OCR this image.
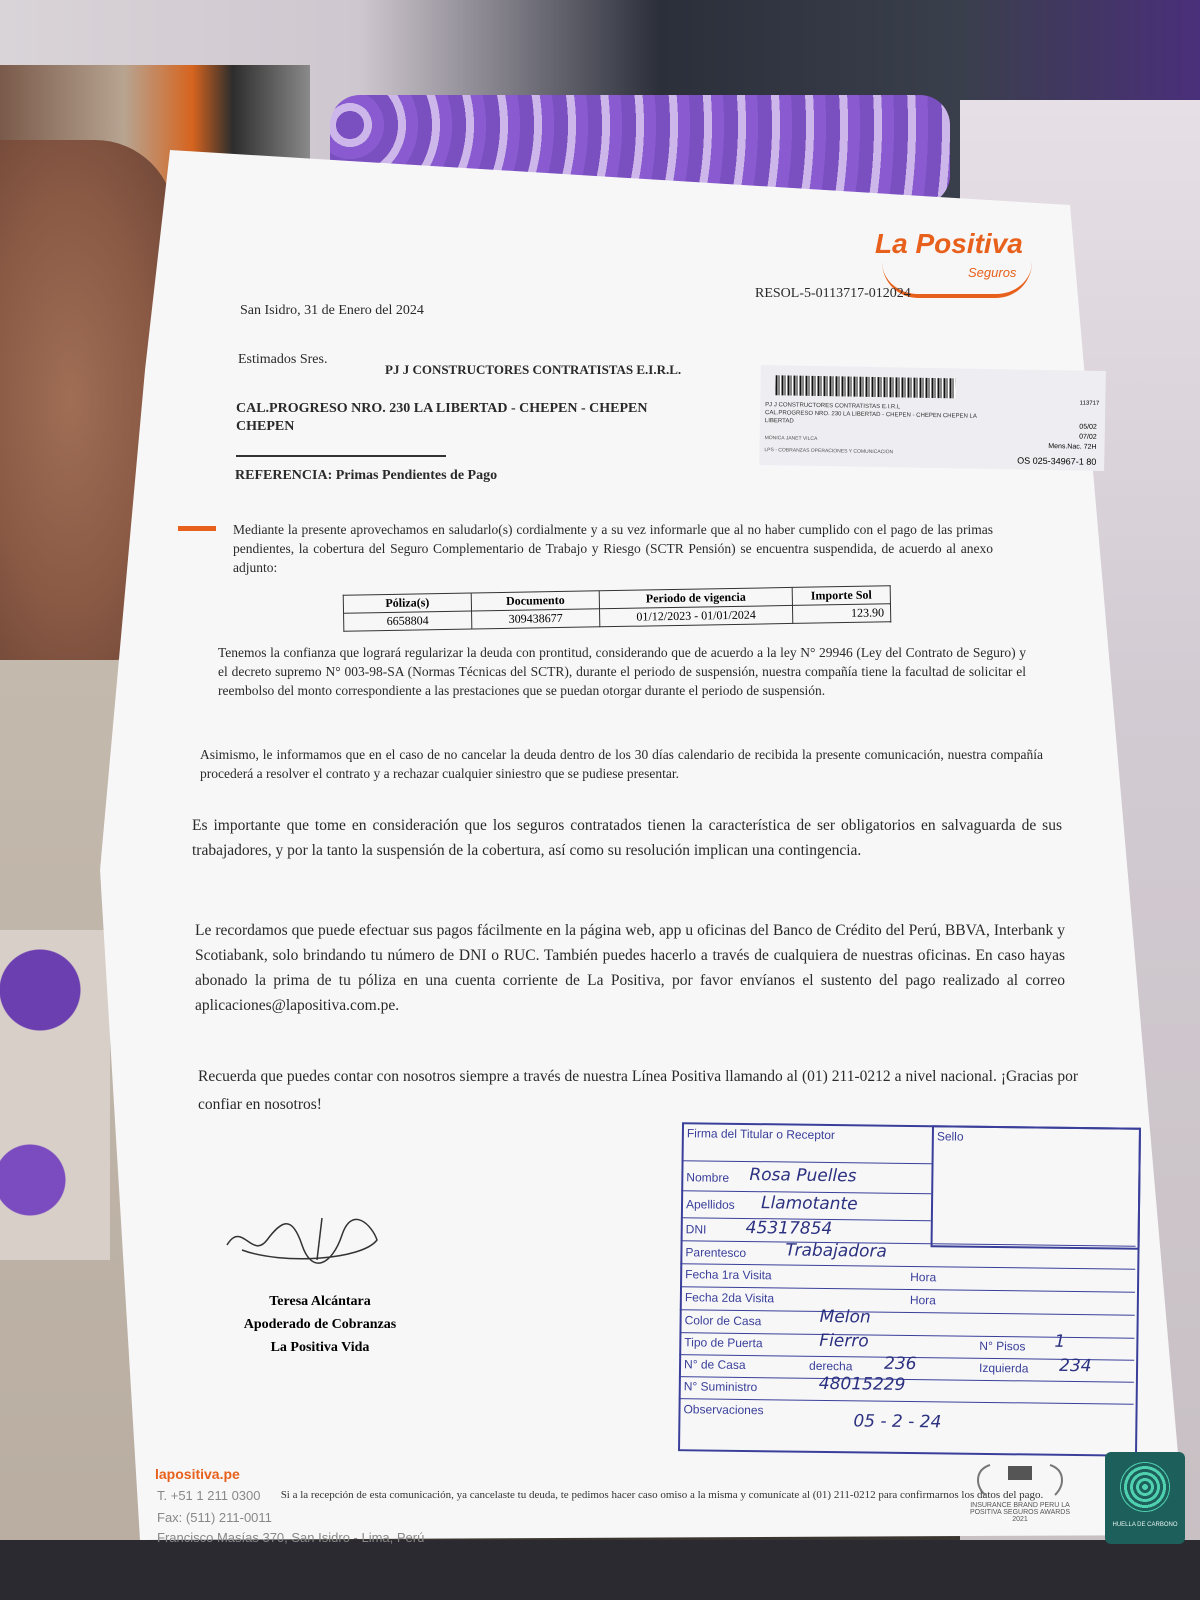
La Positiva
Seguros
RESOL-5-0113717-012024
San Isidro, 31 de Enero del 2024
Estimados Sres.
PJ J CONSTRUCTORES CONTRATISTAS E.I.R.L.
CAL.PROGRESO NRO. 230 LA LIBERTAD - CHEPEN - CHEPEN CHEPEN
REFERENCIA: Primas Pendientes de Pago
113717
PJ J CONSTRUCTORES CONTRATISTAS E.I.R.L
CAL.PROGRESO NRO. 230 LA LIBERTAD - CHEPEN - CHEPEN CHEPEN LA LIBERTAD
MONICA JANET VILCA
LPS - COBRANZAS OPERACIONES Y COMUNICACION
05/02
07/02
Mens.Nac. 72H
OS 025-34967-1 80
Mediante la presente aprovechamos en saludarlo(s) cordialmente y a su vez informarle que al no haber cumplido con el pago de las primas pendientes, la cobertura del Seguro Complementario de Trabajo y Riesgo (SCTR Pensión) se encuentra suspendida, de acuerdo al anexo adjunto:
Póliza(s)	Documento	Periodo de vigencia	Importe Sol
6658804	309438677	01/12/2023 - 01/01/2024	123.90
Tenemos la confianza que logrará regularizar la deuda con prontitud, considerando que de acuerdo a la ley N° 29946 (Ley del Contrato de Seguro) y el decreto supremo N° 003-98-SA (Normas Técnicas del SCTR), durante el periodo de suspensión, nuestra compañía tiene la facultad de solicitar el reembolso del monto correspondiente a las prestaciones que se puedan otorgar durante el periodo de suspensión.
Asimismo, le informamos que en el caso de no cancelar la deuda dentro de los 30 días calendario de recibida la presente comunicación, nuestra compañía procederá a resolver el contrato y a rechazar cualquier siniestro que se pudiese presentar.
Es importante que tome en consideración que los seguros contratados tienen la característica de ser obligatorios en salvaguarda de sus trabajadores, y por la tanto la suspensión de la cobertura, así como su resolución implican una contingencia.
Le recordamos que puede efectuar sus pagos fácilmente en la página web, app u oficinas del Banco de Crédito del Perú, BBVA, Interbank y Scotiabank, solo brindando tu número de DNI o RUC. También puedes hacerlo a través de cualquiera de nuestras oficinas. En caso hayas abonado la prima de tu póliza en una cuenta corriente de La Positiva, por favor envíanos el sustento del pago realizado al correo aplicaciones@lapositiva.com.pe.
Recuerda que puedes contar con nosotros siempre a través de nuestra Línea Positiva llamando al (01) 211-0212 a nivel nacional. ¡Gracias por confiar en nosotros!
Teresa Alcántara
Apoderado de Cobranzas
La Positiva Vida
Firma del Titular o Receptor	Sello
Nombre Rosa Puelles
Apellidos Llamotante
DNI 45317854
Parentesco Trabajadora
Fecha 1ra Visita	Hora
Fecha 2da Visita	Hora
Color de Casa	Melon
Tipo de Puerta	Fierro	N° Pisos 1
N° de Casa	derecha 236	Izquierda 234
N° Suministro	48015229
Observaciones
05 - 2 - 24
lapositiva.pe
T. +51 1 211 0300
Fax: (511) 211-0011
Francisco Masías 370, San Isidro - Lima, Perú
Si a la recepción de esta comunicación, ya cancelaste tu deuda, te pedimos hacer caso omiso a la misma y comunícate al (01) 211-0212 para confirmarnos los datos del pago.
INSURANCE BRAND PERU LA POSITIVA SEGUROS AWARDS 2021
HUELLA DE CARBONO
